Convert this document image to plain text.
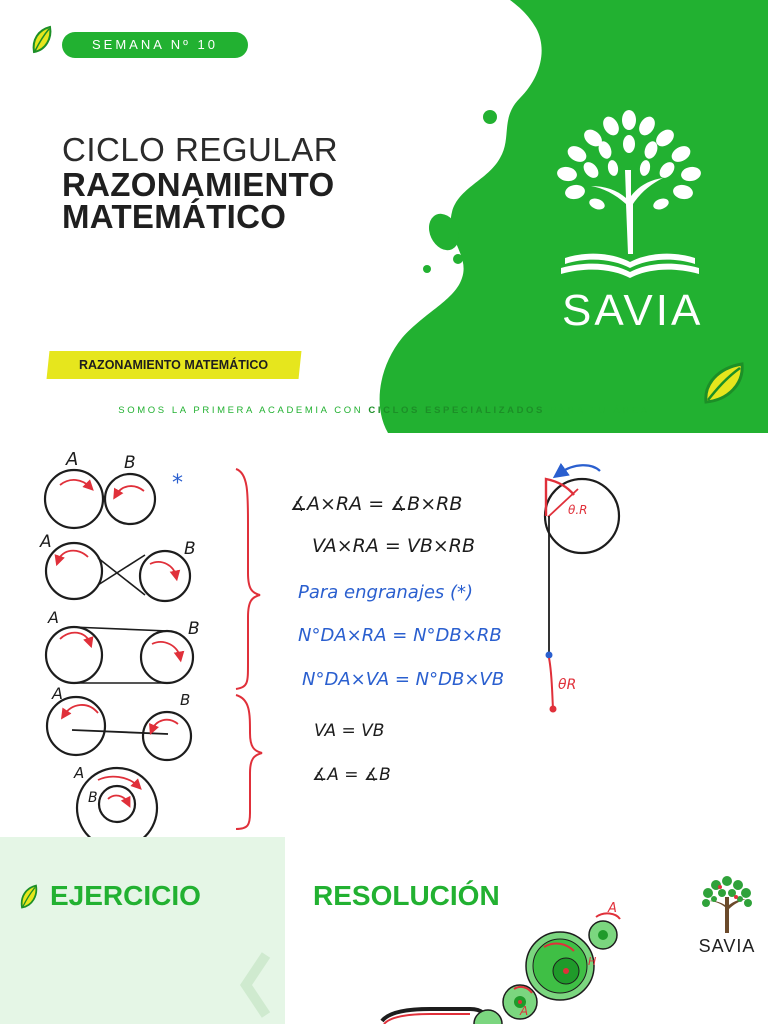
SEMANA Nº 10
CICLO REGULAR
RAZONAMIENTO
MATEMÁTICO
RAZONAMIENTO MATEMÁTICO
SOMOS LA PRIMERA ACADEMIA CON CICLOS ESPECIALIZADOS PARA TU ÁREA
SAVIA
A	B
*
A	B
A
B
A	B
A
B
∡A×RA = ∡B×RB
VA×RA = VB×RB
Para engranajes (*)
N°DA×RA = N°DB×RB
N°DA×VA = N°DB×VB
VA = VB
∡A = ∡B
θ.R
θR
EJERCICIO	RESOLUCIÓN	A
H
A
SAVIA
